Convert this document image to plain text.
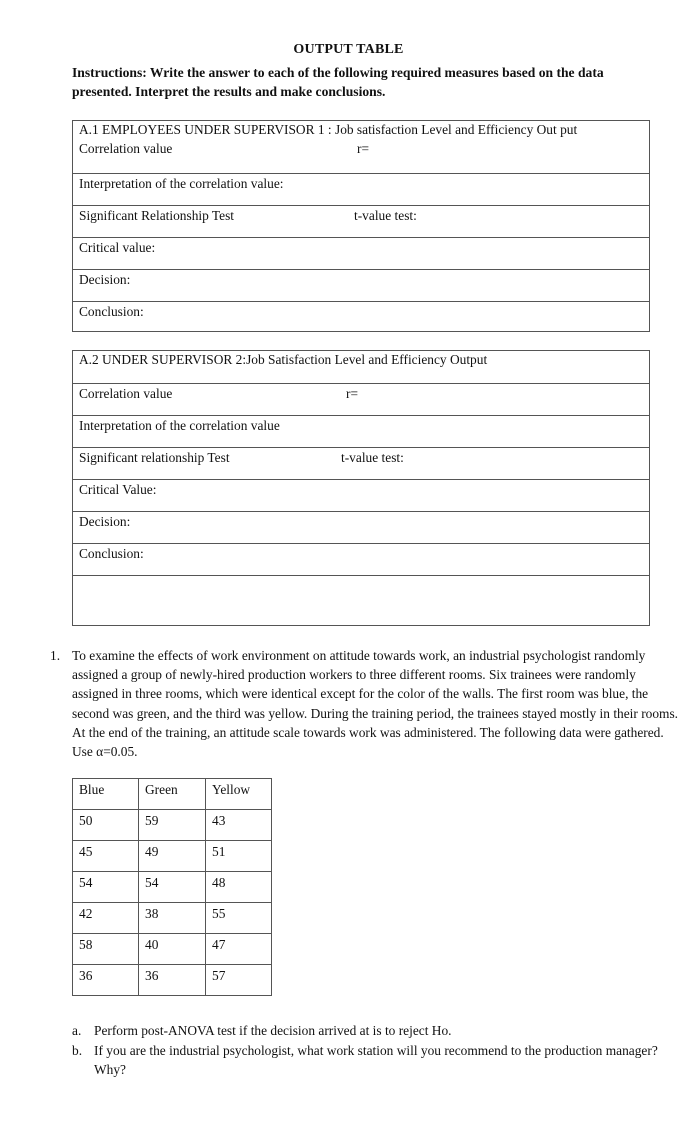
OUTPUT TABLE
Instructions: Write the answer to each of the following required measures based on the data presented. Interpret the results and make conclusions.
A.1 EMPLOYEES UNDER SUPERVISOR 1 : Job satisfaction Level and Efficiency Out put
Correlation value	r=
Interpretation of the correlation value:
Significant Relationship Test	t-value test:
Critical value:
Decision:
Conclusion:
A.2 UNDER SUPERVISOR 2:Job Satisfaction Level and Efficiency Output
Correlation value	r=
Interpretation of the correlation value
Significant relationship Test	t-value test:
Critical Value:
Decision:
Conclusion:
1. To examine the effects of work environment on attitude towards work, an industrial psychologist randomly assigned a group of newly-hired production workers to three different rooms. Six trainees were randomly assigned in three rooms, which were identical except for the color of the walls. The first room was blue, the second was green, and the third was yellow. During the training period, the trainees stayed mostly in their rooms. At the end of the training, an attitude scale towards work was administered. The following data were gathered. Use α=0.05.
Blue	Green	Yellow
50	59	43
45	49	51
54	54	48
42	38	55
58	40	47
36	36	57
a. Perform post-ANOVA test if the decision arrived at is to reject Ho.
b. If you are the industrial psychologist, what work station will you recommend to the production manager? Why?
